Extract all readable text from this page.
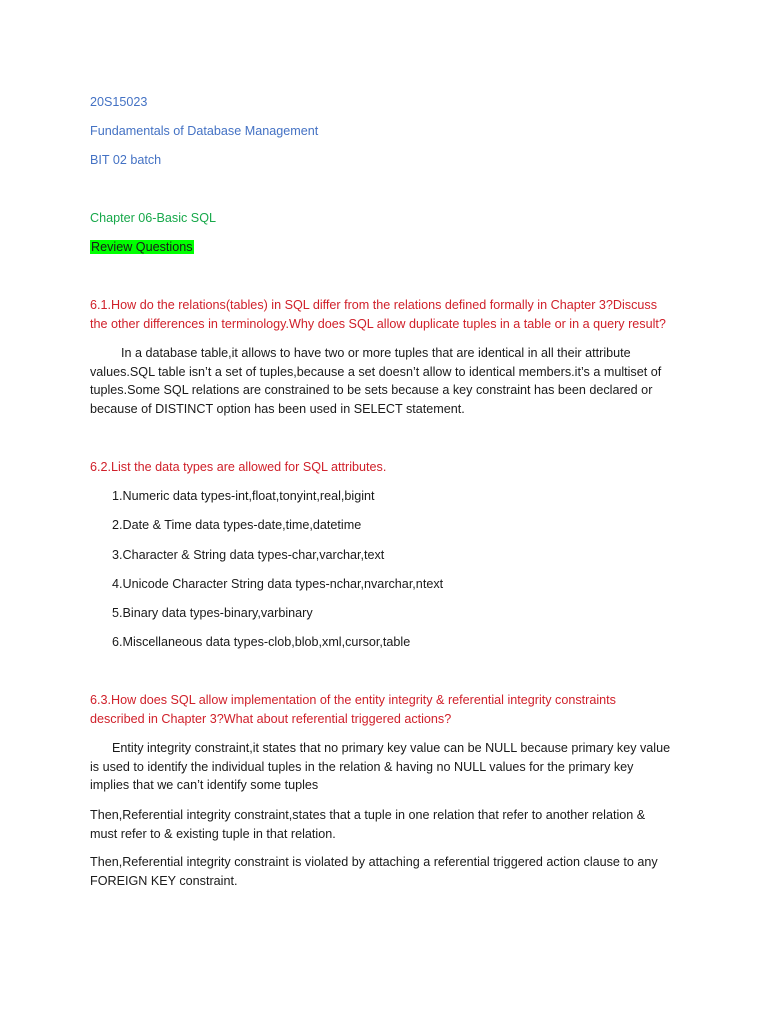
20S15023
Fundamentals of Database Management
BIT 02 batch
Chapter 06-Basic SQL
Review Questions
6.1.How do the relations(tables) in SQL differ from the relations defined formally in Chapter 3?Discuss
the other differences in terminology.Why does SQL allow duplicate tuples in a table or in a query result?
In a database table,it allows to have two or more tuples that are identical in all their attribute
values.SQL table isn’t a set of tuples,because a set doesn’t allow to identical members.it’s a multiset of
tuples.Some SQL relations are constrained to be sets because a key constraint has been declared or
because of DISTINCT option has been used in SELECT statement.
6.2.List the data types are allowed for SQL attributes.
1.Numeric data types-int,float,tonyint,real,bigint
2.Date & Time data types-date,time,datetime
3.Character & String data types-char,varchar,text
4.Unicode Character String data types-nchar,nvarchar,ntext
5.Binary data types-binary,varbinary
6.Miscellaneous data types-clob,blob,xml,cursor,table
6.3.How does SQL allow implementation of the entity integrity & referential integrity constraints
described in Chapter 3?What about referential triggered actions?
Entity integrity constraint,it states that no primary key value can be NULL because primary key value
is used to identify the individual tuples in the relation & having no NULL values for the primary key
implies that we can’t identify some tuples
Then,Referential integrity constraint,states that a tuple in one relation that refer to another relation &
must refer to & existing tuple in that relation.
Then,Referential integrity constraint is violated by attaching a referential triggered action clause to any
FOREIGN KEY constraint.
